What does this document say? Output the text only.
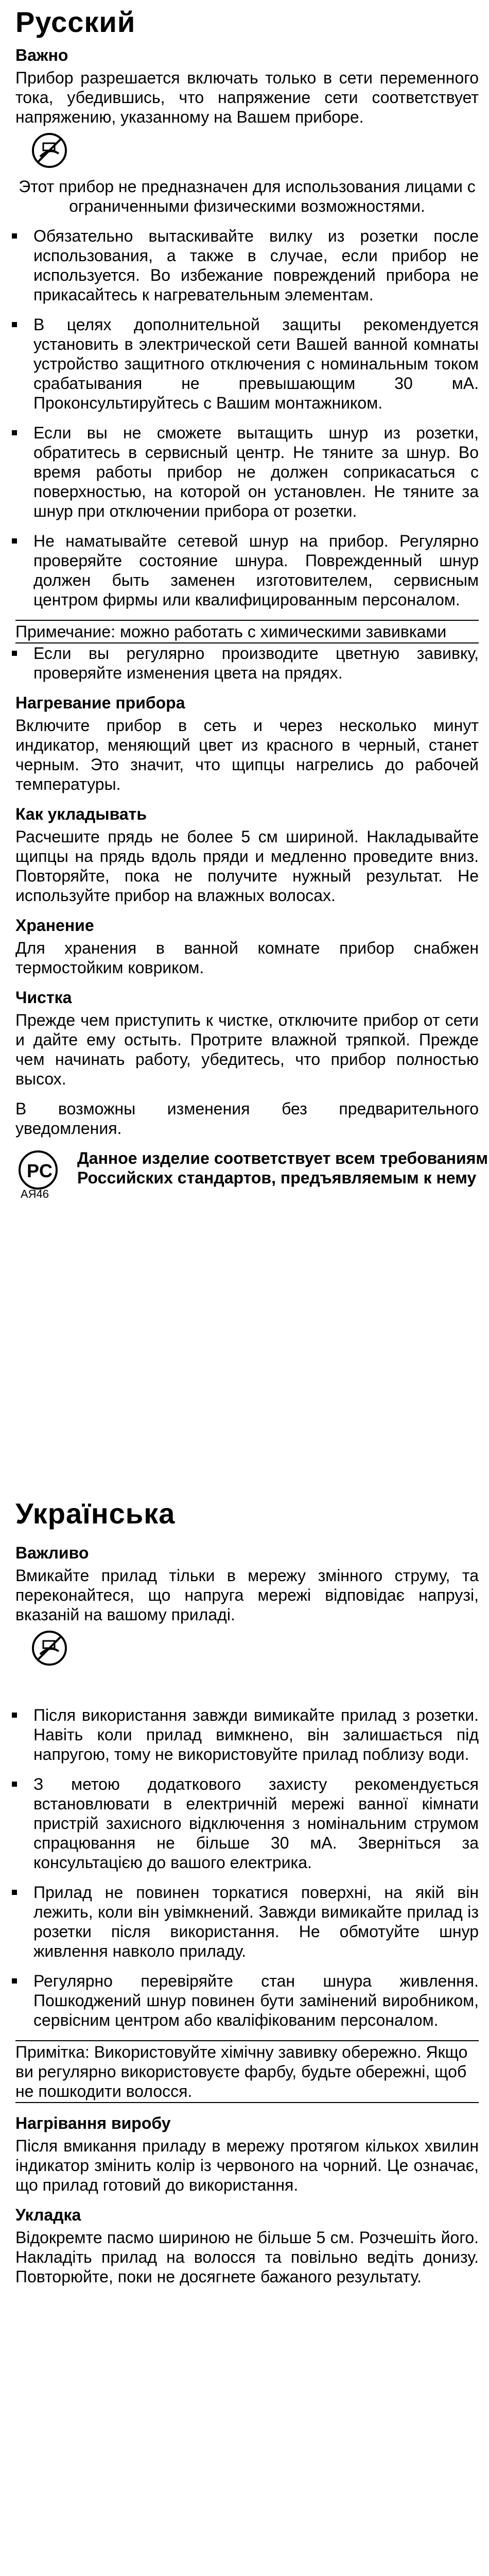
Русский
Важно
Прибор разрешается включать только в сети переменного тока, убедившись, что напряжение сети соответствует напряжению, указанному на Вашем приборе.
Этот прибор не предназначен для использования лицами с ограниченными физическими возможностями.
Обязательно вытаскивайте вилку из розетки после использования, а также в случае, если прибор не используется. Во избежание повреждений прибора не прикасайтесь к нагревательным элементам.
В целях дополнительной защиты рекомендуется установить в электрической сети Вашей ванной комнаты устройство защитного отключения с номинальным током срабатывания не превышающим 30 мА. Проконсультируйтесь с Вашим монтажником.
Если вы не сможете вытащить шнур из розетки, обратитесь в сервисный центр. Не тяните за шнур. Во время работы прибор не должен соприкасаться с поверхностью, на которой он установлен. Не тяните за шнур при отключении прибора от розетки.
Не наматывайте сетевой шнур на прибор. Регулярно проверяйте состояние шнура. Поврежденный шнур должен быть заменен изготовителем, сервисным центром фирмы или квалифицированным персоналом.
Примечание: можно работать с химическими завивками
Если вы регулярно производите цветную завивку, проверяйте изменения цвета на прядях.
Нагревание прибора
Включите прибор в сеть и через несколько минут индикатор, меняющий цвет из красного в черный, станет черным. Это значит, что щипцы нагрелись до рабочей температуры.
Как укладывать
Расчешите прядь не более 5 см шириной. Накладывайте щипцы на прядь вдоль пряди и медленно проведите вниз. Повторяйте, пока не получите нужный результат. Не используйте прибор на влажных волосах.
Хранение
Для хранения в ванной комнате прибор снабжен термостойким ковриком.
Чистка
Прежде чем приступить к чистке, отключите прибор от сети и дайте ему остыть. Протрите влажной тряпкой. Прежде чем начинать работу, убедитесь, что прибор полностью высох.
В возможны изменения без предварительного уведомления.
PC
АЯ46
Данное изделие соответствует всем требованиям Российских стандартов, предъявляемым к нему
Українська
Важливо
Вмикайте прилад тільки в мережу змінного струму, та переконайтеся, що напруга мережі відповідає напрузі, вказаній на вашому приладі.
Після використання завжди вимикайте прилад з розетки. Навіть коли прилад вимкнено, він залишається під напругою, тому не використовуйте прилад поблизу води.
З метою додаткового захисту рекомендується встановлювати в електричній мережі ванної кімнати пристрій захисного відключення з номінальним струмом спрацювання не більше 30 мА. Зверніться за консультацією до вашого електрика.
Прилад не повинен торкатися поверхні, на якій він лежить, коли він увімкнений. Завжди вимикайте прилад із розетки після використання. Не обмотуйте шнур живлення навколо приладу.
Регулярно перевіряйте стан шнура живлення. Пошкоджений шнур повинен бути замінений виробником, сервісним центром або кваліфікованим персоналом.
Примітка: Використовуйте хімічну завивку обережно. Якщо ви регулярно використовуєте фарбу, будьте обережні, щоб не пошкодити волосся.
Нагрівання виробу
Після вмикання приладу в мережу протягом кількох хвилин індикатор змінить колір із червоного на чорний. Це означає, що прилад готовий до використання.
Укладка
Відокремте пасмо шириною не більше 5 см. Розчешіть його. Накладіть прилад на волосся та повільно ведіть донизу. Повторюйте, поки не досягнете бажаного результату.
